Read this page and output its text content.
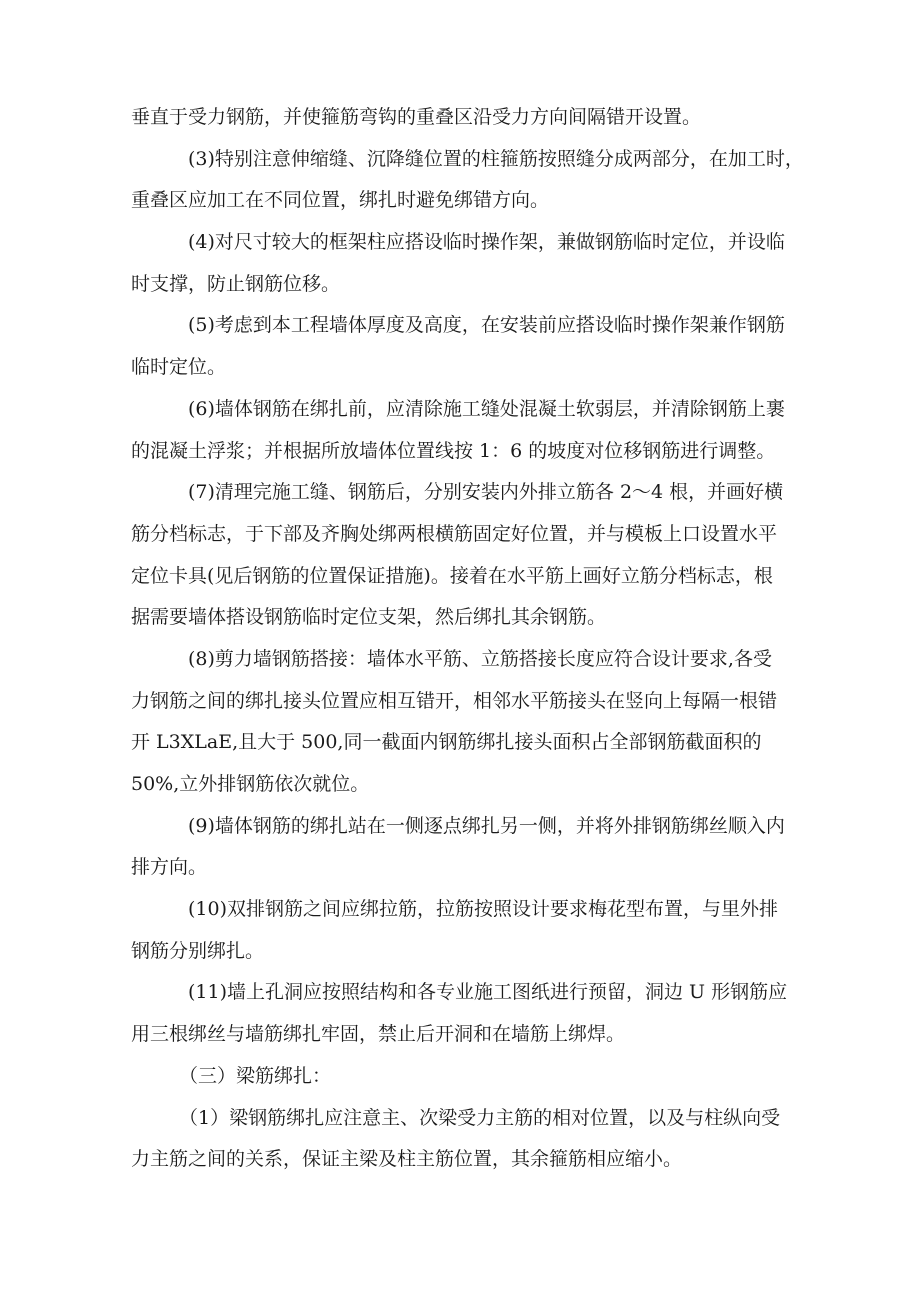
垂直于受力钢筋，并使箍筋弯钩的重叠区沿受力方向间隔错开设置。
(3)特别注意伸缩缝、沉降缝位置的柱箍筋按照缝分成两部分，在加工时，
重叠区应加工在不同位置，绑扎时避免绑错方向。
(4)对尺寸较大的框架柱应搭设临时操作架，兼做钢筋临时定位，并设临
时支撑，防止钢筋位移。
(5)考虑到本工程墙体厚度及高度，在安装前应搭设临时操作架兼作钢筋
临时定位。
(6)墙体钢筋在绑扎前，应清除施工缝处混凝土软弱层，并清除钢筋上裹
的混凝土浮浆；并根据所放墙体位置线按 1：6 的坡度对位移钢筋进行调整。
(7)清理完施工缝、钢筋后，分别安装内外排立筋各 2～4 根，并画好横
筋分档标志，于下部及齐胸处绑两根横筋固定好位置，并与模板上口设置水平
定位卡具(见后钢筋的位置保证措施)。接着在水平筋上画好立筋分档标志，根
据需要墙体搭设钢筋临时定位支架，然后绑扎其余钢筋。
(8)剪力墙钢筋搭接：墙体水平筋、立筋搭接长度应符合设计要求,各受
力钢筋之间的绑扎接头位置应相互错开，相邻水平筋接头在竖向上每隔一根错
开 L3XLaE,且大于 500,同一截面内钢筋绑扎接头面积占全部钢筋截面积的
50%,立外排钢筋依次就位。
(9)墙体钢筋的绑扎站在一侧逐点绑扎另一侧，并将外排钢筋绑丝顺入内
排方向。
(10)双排钢筋之间应绑拉筋，拉筋按照设计要求梅花型布置，与里外排
钢筋分别绑扎。
(11)墙上孔洞应按照结构和各专业施工图纸进行预留，洞边 U 形钢筋应
用三根绑丝与墙筋绑扎牢固，禁止后开洞和在墙筋上绑焊。
（三）梁筋绑扎：
（1）梁钢筋绑扎应注意主、次梁受力主筋的相对位置，以及与柱纵向受
力主筋之间的关系，保证主梁及柱主筋位置，其余箍筋相应缩小。
